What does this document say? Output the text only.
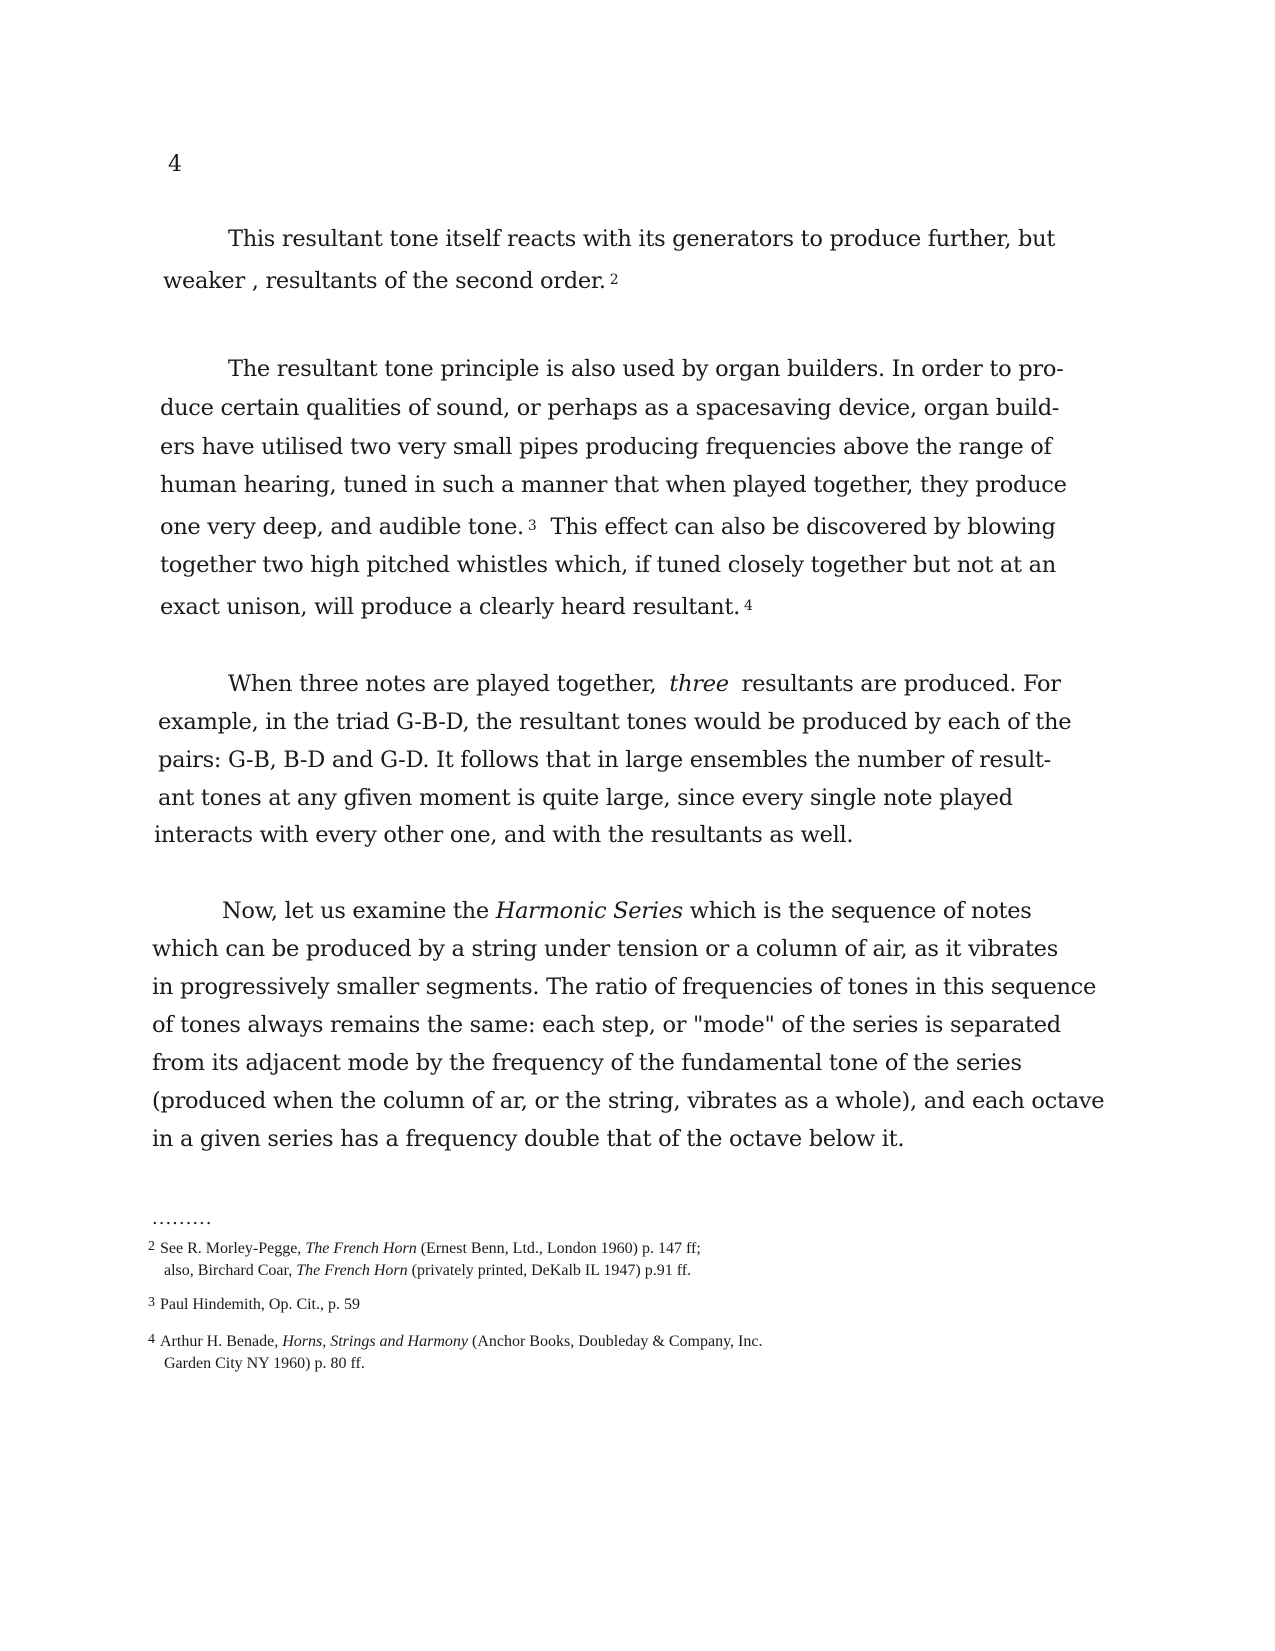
4
This resultant tone itself reacts with its generators to produce further, but
weaker , resultants of the second order. 2
The resultant tone principle is also used by organ builders. In order to pro-
duce certain qualities of sound, or perhaps as a spacesaving device, organ build-
ers have utilised two very small pipes producing frequencies above the range of
human hearing, tuned in such a manner that when played together, they produce
one very deep, and audible tone. 3 This effect can also be discovered by blowing
together two high pitched whistles which, if tuned closely together but not at an
exact unison, will produce a clearly heard resultant. 4
When three notes are played together, three resultants are produced. For
example, in the triad G-B-D, the resultant tones would be produced by each of the
pairs: G-B, B-D and G-D. It follows that in large ensembles the number of result-
ant tones at any gfiven moment is quite large, since every single note played
interacts with every other one, and with the resultants as well.
Now, let us examine the Harmonic Series which is the sequence of notes
which can be produced by a string under tension or a column of air, as it vibrates
in progressively smaller segments. The ratio of frequencies of tones in this sequence
of tones always remains the same: each step, or "mode" of the series is separated
from its adjacent mode by the frequency of the fundamental tone of the series
(produced when the column of ar, or the string, vibrates as a whole), and each octave
in a given series has a frequency double that of the octave below it.
.........
2 See R. Morley-Pegge, The French Horn (Ernest Benn, Ltd., London 1960) p. 147 ff;
also, Birchard Coar, The French Horn (privately printed, DeKalb IL 1947) p.91 ff.
3 Paul Hindemith, Op. Cit., p. 59
4 Arthur H. Benade, Horns, Strings and Harmony (Anchor Books, Doubleday & Company, Inc.
Garden City NY 1960) p. 80 ff.
